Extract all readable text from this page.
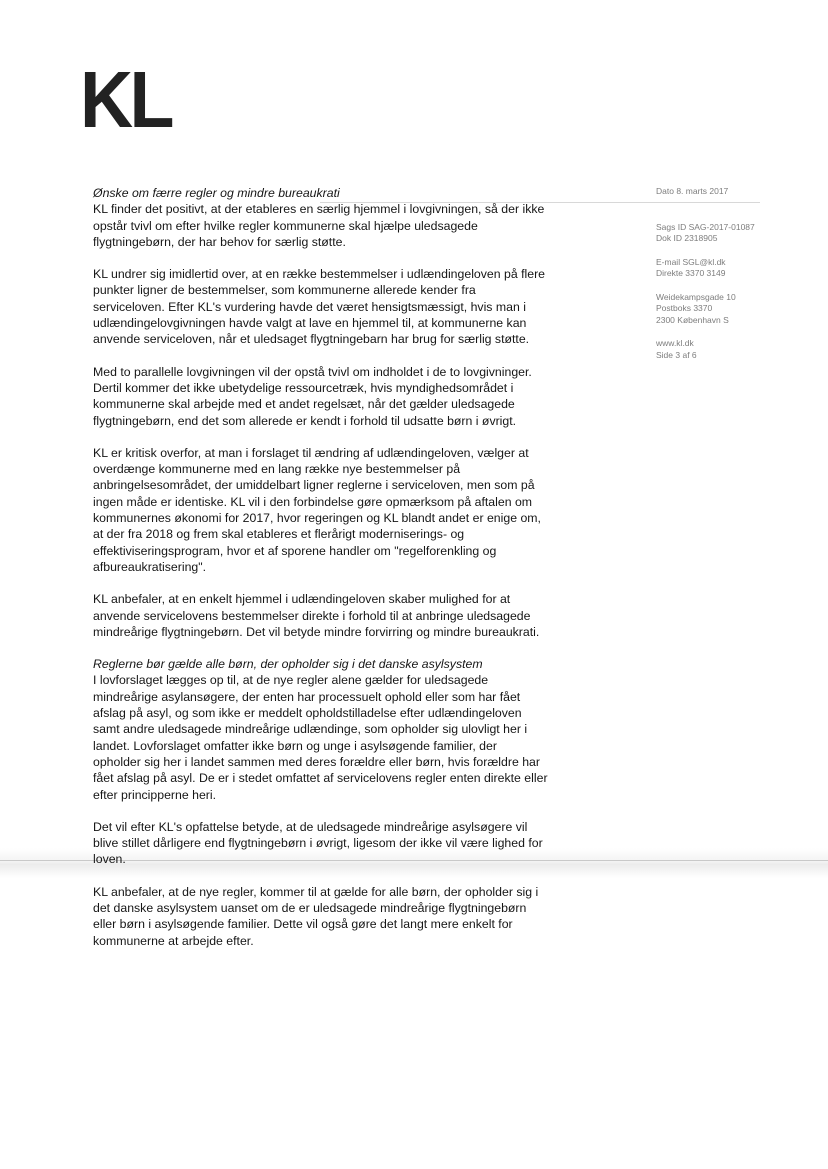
KL
Dato 8. marts 2017
Sags ID SAG-2017-01087
Dok ID 2318905
E-mail SGL@kl.dk
Direkte 3370 3149
Weidekampsgade 10
Postboks 3370
2300 København S
www.kl.dk
Side 3 af 6

Ønske om færre regler og mindre bureaukrati

KL finder det positivt, at der etableres en særlig hjemmel i lovgivningen, så der ikke opstår tvivl om efter hvilke regler kommunerne skal hjælpe uledsagede flygtningebørn, der har behov for særlig støtte.

KL undrer sig imidlertid over, at en række bestemmelser i udlændingeloven på flere punkter ligner de bestemmelser, som kommunerne allerede kender fra serviceloven. Efter KL's vurdering havde det været hensigtsmæssigt, hvis man i udlændingelovgivningen havde valgt at lave en hjemmel til, at kommunerne kan anvende serviceloven, når et uledsaget flygtningebarn har brug for særlig støtte.

Med to parallelle lovgivningen vil der opstå tvivl om indholdet i de to lovgivninger. Dertil kommer det ikke ubetydelige ressourcetræk, hvis myndighedsområdet i kommunerne skal arbejde med et andet regelsæt, når det gælder uledsagede flygtningebørn, end det som allerede er kendt i forhold til udsatte børn i øvrigt.

KL er kritisk overfor, at man i forslaget til ændring af udlændingeloven, vælger at overdænge kommunerne med en lang række nye bestemmelser på anbringelsesområdet, der umiddelbart ligner reglerne i serviceloven, men som på ingen måde er identiske. KL vil i den forbindelse gøre opmærksom på aftalen om kommunernes økonomi for 2017, hvor regeringen og KL blandt andet er enige om, at der fra 2018 og frem skal etableres et flerårigt moderniserings- og effektiviseringsprogram, hvor et af sporene handler om "regelforenkling og afbureaukratisering".

KL anbefaler, at en enkelt hjemmel i udlændingeloven skaber mulighed for at anvende servicelovens bestemmelser direkte i forhold til at anbringe uledsagede mindreårige flygtningebørn. Det vil betyde mindre forvirring og mindre bureaukrati.

Reglerne bør gælde alle børn, der opholder sig i det danske asylsystem

I lovforslaget lægges op til, at de nye regler alene gælder for uledsagede mindreårige asylansøgere, der enten har processuelt ophold eller som har fået afslag på asyl, og som ikke er meddelt opholdstilladelse efter udlændingeloven samt andre uledsagede mindreårige udlændinge, som opholder sig ulovligt her i landet. Lovforslaget omfatter ikke børn og unge i asylsøgende familier, der opholder sig her i landet sammen med deres forældre eller børn, hvis forældre har fået afslag på asyl. De er i stedet omfattet af servicelovens regler enten direkte eller efter principperne heri.

Det vil efter KL's opfattelse betyde, at de uledsagede mindreårige asylsøgere vil blive stillet dårligere end flygtningebørn i øvrigt, ligesom der ikke vil være lighed for loven.

KL anbefaler, at de nye regler, kommer til at gælde for alle børn, der opholder sig i det danske asylsystem uanset om de er uledsagede mindreårige flygtningebørn eller børn i asylsøgende familier. Dette vil også gøre det langt mere enkelt for kommunerne at arbejde efter.
